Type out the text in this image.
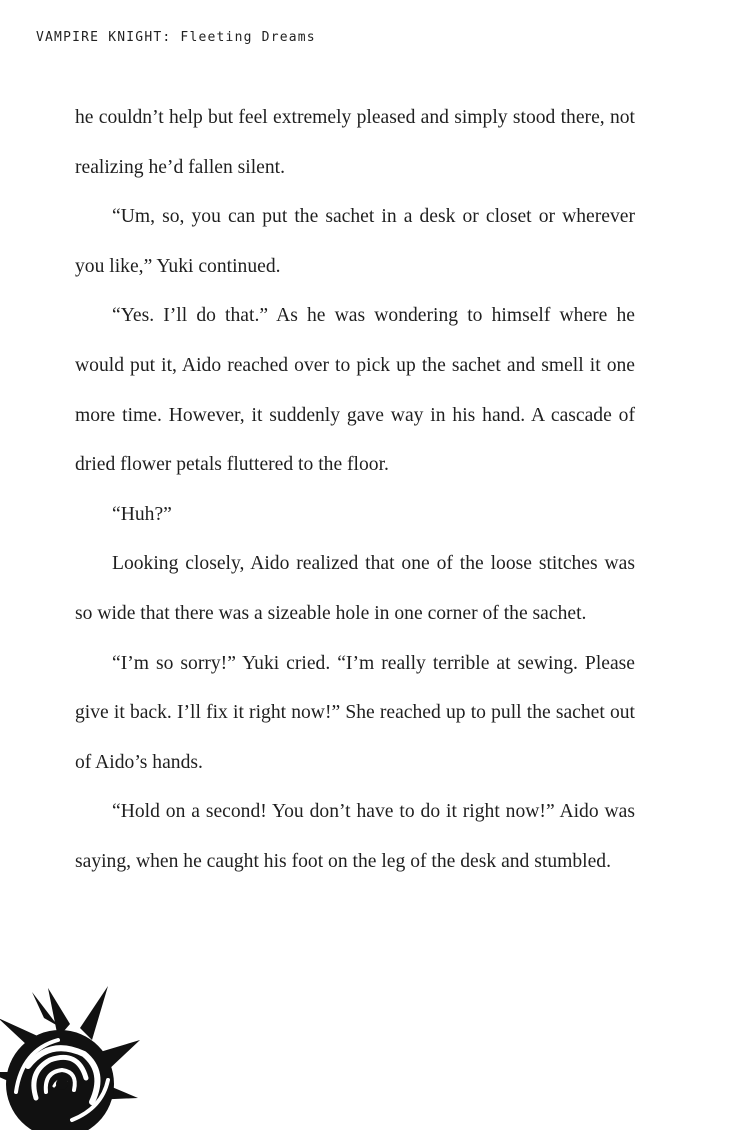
VAMPIRE KNIGHT: Fleeting Dreams

he couldn’t help but feel extremely pleased and simply stood there, not realizing he’d fallen silent.

“Um, so, you can put the sachet in a desk or closet or wherever you like,” Yuki continued.

“Yes. I’ll do that.” As he was wondering to himself where he would put it, Aido reached over to pick up the sachet and smell it one more time. However, it suddenly gave way in his hand. A cascade of dried flower petals fluttered to the floor.

“Huh?”

Looking closely, Aido realized that one of the loose stitches was so wide that there was a sizeable hole in one corner of the sachet.

“I’m so sorry!” Yuki cried. “I’m really terrible at sewing. Please give it back. I’ll fix it right now!” She reached up to pull the sachet out of Aido’s hands.

“Hold on a second! You don’t have to do it right now!” Aido was saying, when he caught his foot on the leg of the desk and stumbled.
